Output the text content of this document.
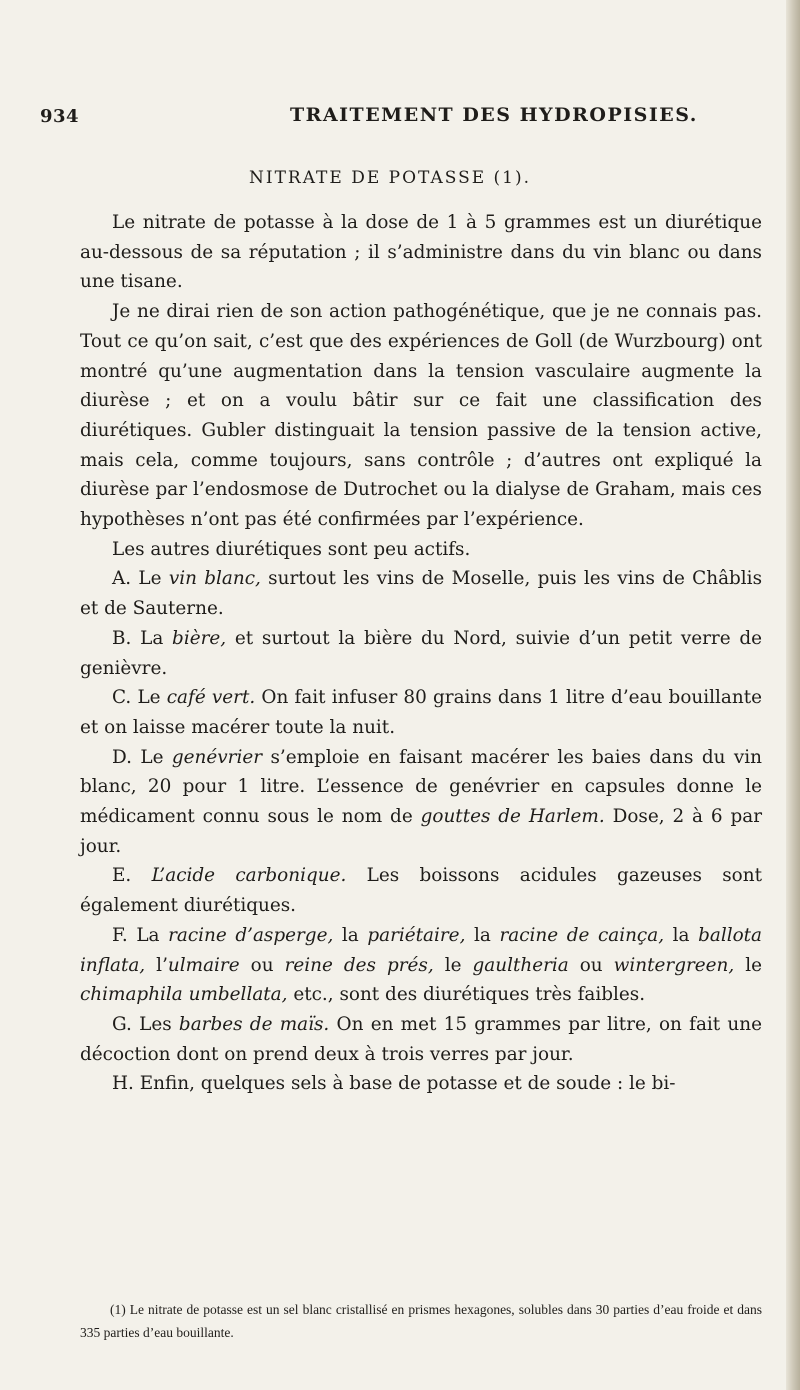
934	TRAITEMENT DES HYDROPISIES.
NITRATE DE POTASSE (1).

Le nitrate de potasse à la dose de 1 à 5 grammes est un diurétique au-dessous de sa réputation ; il s’administre dans du vin blanc ou dans une tisane.

Je ne dirai rien de son action pathogénétique, que je ne connais pas. Tout ce qu’on sait, c’est que des expériences de Goll (de Wurzbourg) ont montré qu’une augmentation dans la tension vasculaire augmente la diurèse ; et on a voulu bâtir sur ce fait une classification des diurétiques. Gubler distinguait la tension passive de la tension active, mais cela, comme toujours, sans contrôle ; d’autres ont expliqué la diurèse par l’endosmose de Dutrochet ou la dialyse de Graham, mais ces hypothèses n’ont pas été confirmées par l’expérience.

Les autres diurétiques sont peu actifs.

A. Le vin blanc, surtout les vins de Moselle, puis les vins de Châblis et de Sauterne.

B. La bière, et surtout la bière du Nord, suivie d’un petit verre de genièvre.

C. Le café vert. On fait infuser 80 grains dans 1 litre d’eau bouillante et on laisse macérer toute la nuit.

D. Le genévrier s’emploie en faisant macérer les baies dans du vin blanc, 20 pour 1 litre. L’essence de genévrier en capsules donne le médicament connu sous le nom de gouttes de Harlem. Dose, 2 à 6 par jour.

E. L’acide carbonique. Les boissons acidules gazeuses sont également diurétiques.

F. La racine d’asperge, la pariétaire, la racine de cainça, la ballota inflata, l’ulmaire ou reine des prés, le gaultheria ou wintergreen, le chimaphila umbellata, etc., sont des diurétiques très faibles.

G. Les barbes de maïs. On en met 15 grammes par litre, on fait une décoction dont on prend deux à trois verres par jour.

H. Enfin, quelques sels à base de potasse et de soude : le bi-

(1) Le nitrate de potasse est un sel blanc cristallisé en prismes hexagones, solubles dans 30 parties d’eau froide et dans 335 parties d’eau bouillante.
